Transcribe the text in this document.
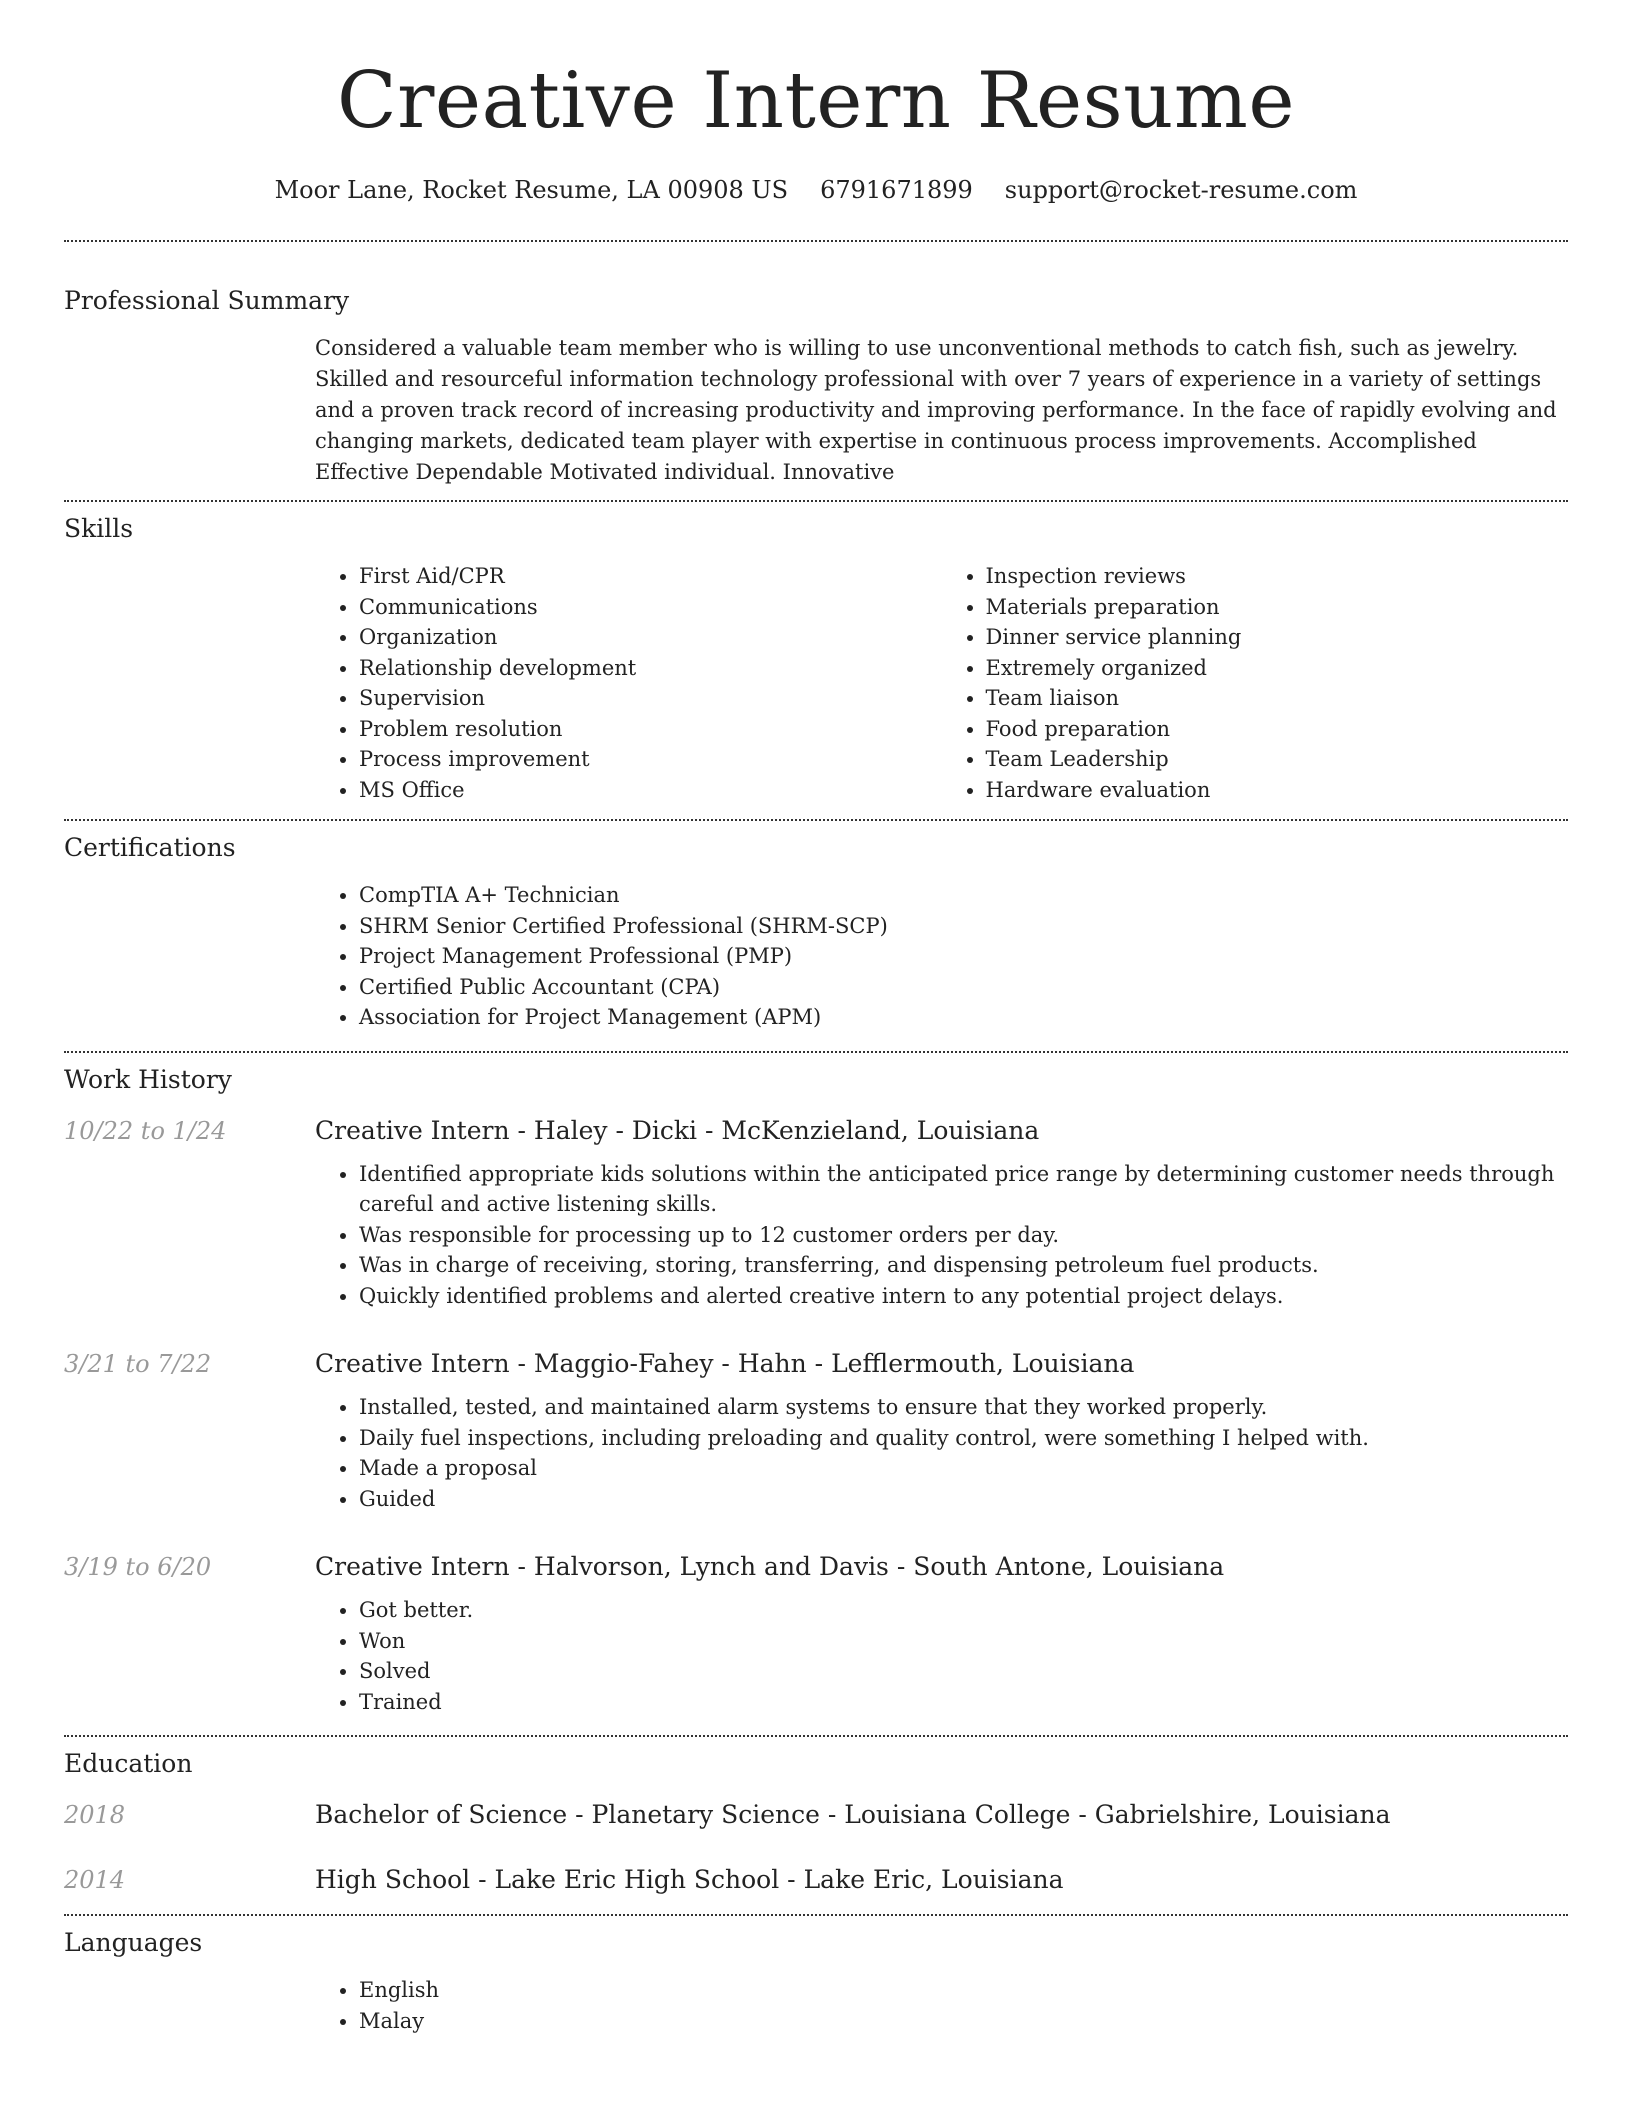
Creative Intern Resume
Moor Lane, Rocket Resume, LA 00908 US 6791671899 support@rocket-resume.com
Professional Summary

Considered a valuable team member who is willing to use unconventional methods to catch fish, such as jewelry. Skilled and resourceful information technology professional with over 7 years of experience in a variety of settings and a proven track record of increasing productivity and improving performance. In the face of rapidly evolving and changing markets, dedicated team player with expertise in continuous process improvements. Accomplished Effective Dependable Motivated individual. Innovative

Skills
• First Aid/CPR
• Communications
• Organization
• Relationship development
• Supervision
• Problem resolution
• Process improvement
• MS Office
• Inspection reviews
• Materials preparation
• Dinner service planning
• Extremely organized
• Team liaison
• Food preparation
• Team Leadership
• Hardware evaluation
Certifications
• CompTIA A+ Technician
• SHRM Senior Certified Professional (SHRM-SCP)
• Project Management Professional (PMP)
• Certified Public Accountant (CPA)
• Association for Project Management (APM)
Work History
10/22 to 1/24	Creative Intern - Haley - Dicki - McKenzieland, Louisiana
• Identified appropriate kids solutions within the anticipated price range by determining customer needs through careful and active listening skills.
• Was responsible for processing up to 12 customer orders per day.
• Was in charge of receiving, storing, transferring, and dispensing petroleum fuel products.
• Quickly identified problems and alerted creative intern to any potential project delays.
3/21 to 7/22	Creative Intern - Maggio-Fahey - Hahn - Lefflermouth, Louisiana
• Installed, tested, and maintained alarm systems to ensure that they worked properly.
• Daily fuel inspections, including preloading and quality control, were something I helped with.
• Made a proposal
• Guided
3/19 to 6/20	Creative Intern - Halvorson, Lynch and Davis - South Antone, Louisiana
• Got better.
• Won
• Solved
• Trained
Education
2018	Bachelor of Science - Planetary Science - Louisiana College - Gabrielshire, Louisiana
2014	High School - Lake Eric High School - Lake Eric, Louisiana
Languages
• English
• Malay
